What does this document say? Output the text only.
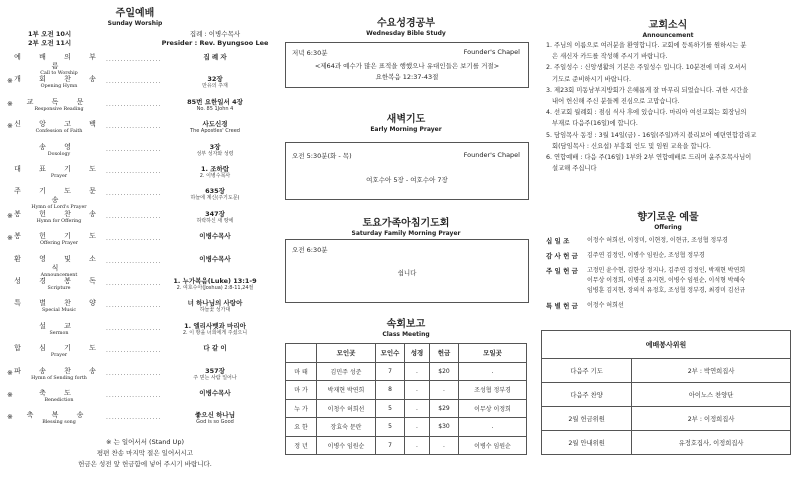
주일예배
Sunday Worship
1부 오전 10시
2부 오전 11시
집례 : 이병수목사
Presider : Rev. Byungsoo Lee
예 배 의 부 름
Call to Worship
...................	집 례 자
※ 개 회 찬 송
Opening Hymn
...................	32장
만유의 주재
※	교 독 문
Responsive Reading
...................	85번 요한일서 4장
No. 85 1John 4
※ 신 앙 고 백
Confession of Faith
...................	사도신경
The Apostles' Creed
송 영
Doxology
...................	3장
성부 성자와 성령
대 표 기 도
Prayer
...................	1. 조하람
2. 이병수목사
주 기 도 문 송
Hymn of Lord's Prayer
...................	635장
하늘에 계신(주기도문)
※ 봉 헌 찬 송
Hymn for Offering
...................	347장
허락하신 새 땅에
※ 봉 헌 기 도
Offering Prayer
...................	이병수목사
환 영 및 소 식
Announcement
...................	이병수목사
성 경 봉 독
Scripture
...................	1. 누가복음(Luke) 13:1-9
2. 여호수아(Joshua) 2:8-11,24절
특 별 찬 양
Special Music
...................	너 하나님의 사랑아
하늘꽃 성가대
설 교
Sermon
...................	1. 엘리사벳과 마리아
2. 이 땅을 너희에게 주셨으니
합 심 기 도
Prayer
...................	다 같 이
※ 파 송 찬 송
Hymn of Sending forth
...................	357장
주 믿는 사람 일어나
※	축 도
Benediction
...................	이병수목사
※	축 복 송
Blessing song
...................	좋으신 하나님
God is so Good
※ 는 일어서서 (Stand Up)
평편 찬송 마지막 절은 일어서시고
헌금은 성전 앞 헌금함에 넣어 주시기 바랍니다.
수요성경공부
Wednesday Bible Study
저녁 6:30분	Founder's Chapel
<제64과 예수가 많은 표적을 행했으나 유대인들은 보기를 거절>
요한복음 12:37-43절
새벽기도
Early Morning Prayer
오전 5:30분(화 - 목)	Founder's Chapel
여호수아 5장 - 여호수아 7장
토요가족아침기도회
Saturday Family Morning Prayer
오전 6:30분
쉽니다
속회보고
Class Meeting
	모인곳	모인수	성경	헌금	모일곳
마 태	김민주 성준	7	.	$20	.
마 가	박재현 박연희	8	.	.	조성협 정부경
누 가	이청수 허희선	5	.	$29	이무상 이정희
요 한	장효숙 문란	5	.	$30	.
정 년	이병수 임원순	7	.	.	이병수 임원순
교회소식
Announcement
1. 주님의 이름으로 여러분을 환영합니다. 교회에 등록하기를 원하시는 분
은 새신자 카드를 작성해 주시기 바랍니다.
2. 주일성수 : 신앙생활의 기본은 주일성수 입니다. 10분전에 미리 오셔서
기도로 준비하시기 바랍니다.
3. 제23회 미동남부지방회가 은혜롭게 잘 마무리 되었습니다. 귀한 시간을
내어 헌신해 주신 분들께 진심으로 고맙습니다.
4. 선교회 월례회 : 점심 식사 후에 있습니다. 마리아 여선교회는 회장님의
부재로 다음주(16일)에 합니다.
5. 담임목사 동정 : 3월 14일(금) - 16일(주일)까지 블리보어 예뎐연합감리교
회(담임목사 : 신요섭) 부흥회 인도 및 임원 교육을 합니다.
6. 연합예배 : 다음 주(16일) 1부와 2부 연합예배로 드리며 윤주호목사님이
설교해 주십니다
향기로운 예물
Offering
십 일 조	이정수 허희선, 이정미, 이현정, 이현규, 조성협 정부경
감 사 헌 금	김주연 김정인, 이병수 임원순, 조성협 정부경
주 일 헌 금	고정민 윤수현, 김한상 정지나, 김주연 김정인, 박재현 박연희
이무상 이정희, 이병권 유지현, 이병수 임원순, 이석형 박혜숙
임병훈 김지현, 장의석 유정호, 조성협 정부경, 최경미 김선규
특 별 헌 금	이정수 허희선
예배봉사위원	
다음주 기도	2부 : 박연희집사
다음주 찬양	아이노스 찬양단
2월 헌금위원	2부 : 이정희집사
2월 안내위원	유정호집사, 이정희집사
